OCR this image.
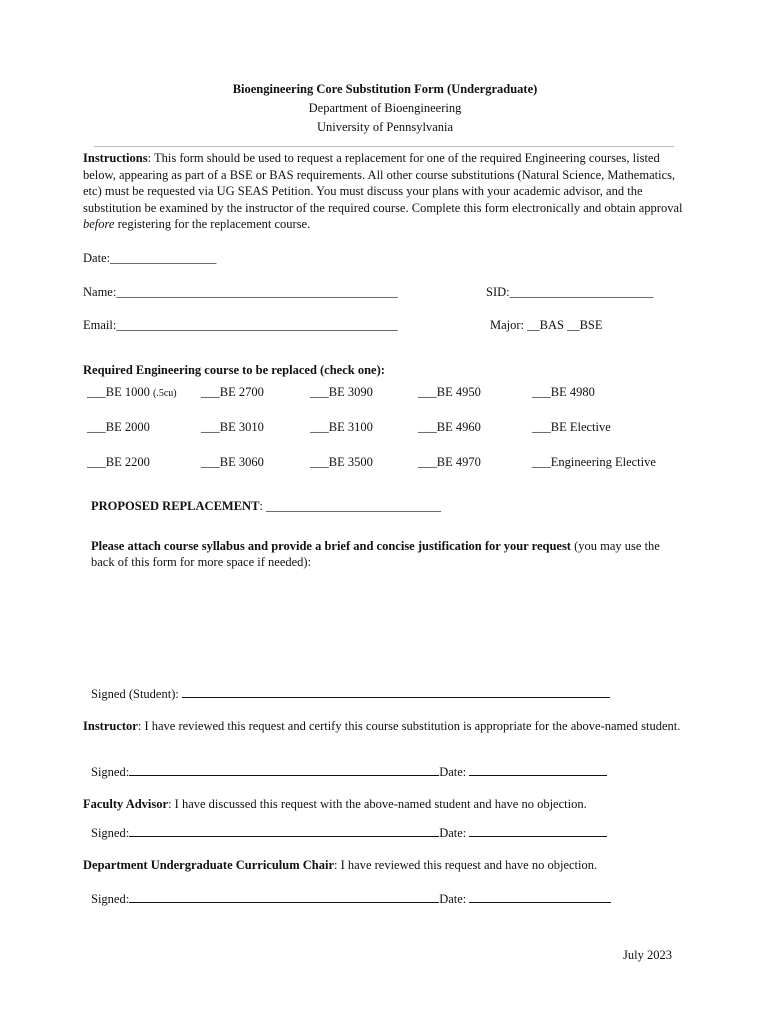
Bioengineering Core Substitution Form (Undergraduate)
Department of Bioengineering
University of Pennsylvania
Instructions: This form should be used to request a replacement for one of the required Engineering courses, listed below, appearing as part of a BSE or BAS requirements. All other course substitutions (Natural Science, Mathematics, etc) must be requested via UG SEAS Petition. You must discuss your plans with your academic advisor, and the substitution be examined by the instructor of the required course. Complete this form electronically and obtain approval before registering for the replacement course.
Date:_________________
Name:_____________________________________________	SID:_______________________
Email:_____________________________________________	Major: __BAS __BSE
Required Engineering course to be replaced (check one):
___BE 1000 (.5cu) ___BE 2700	___BE 3090	___BE 4950	___BE 4980
___BE 2000	___BE 3010	___BE 3100	___BE 4960	___BE Elective
___BE 2200	___BE 3060	___BE 3500	___BE 4970	___Engineering Elective
PROPOSED REPLACEMENT: ____________________________
Please attach course syllabus and provide a brief and concise justification for your request (you may use the back of this form for more space if needed):
Signed (Student):
Instructor: I have reviewed this request and certify this course substitution is appropriate for the above-named student.
Signed:	Date:
Faculty Advisor: I have discussed this request with the above-named student and have no objection.
Signed:	Date:
Department Undergraduate Curriculum Chair: I have reviewed this request and have no objection.
Signed:	Date:
July 2023
